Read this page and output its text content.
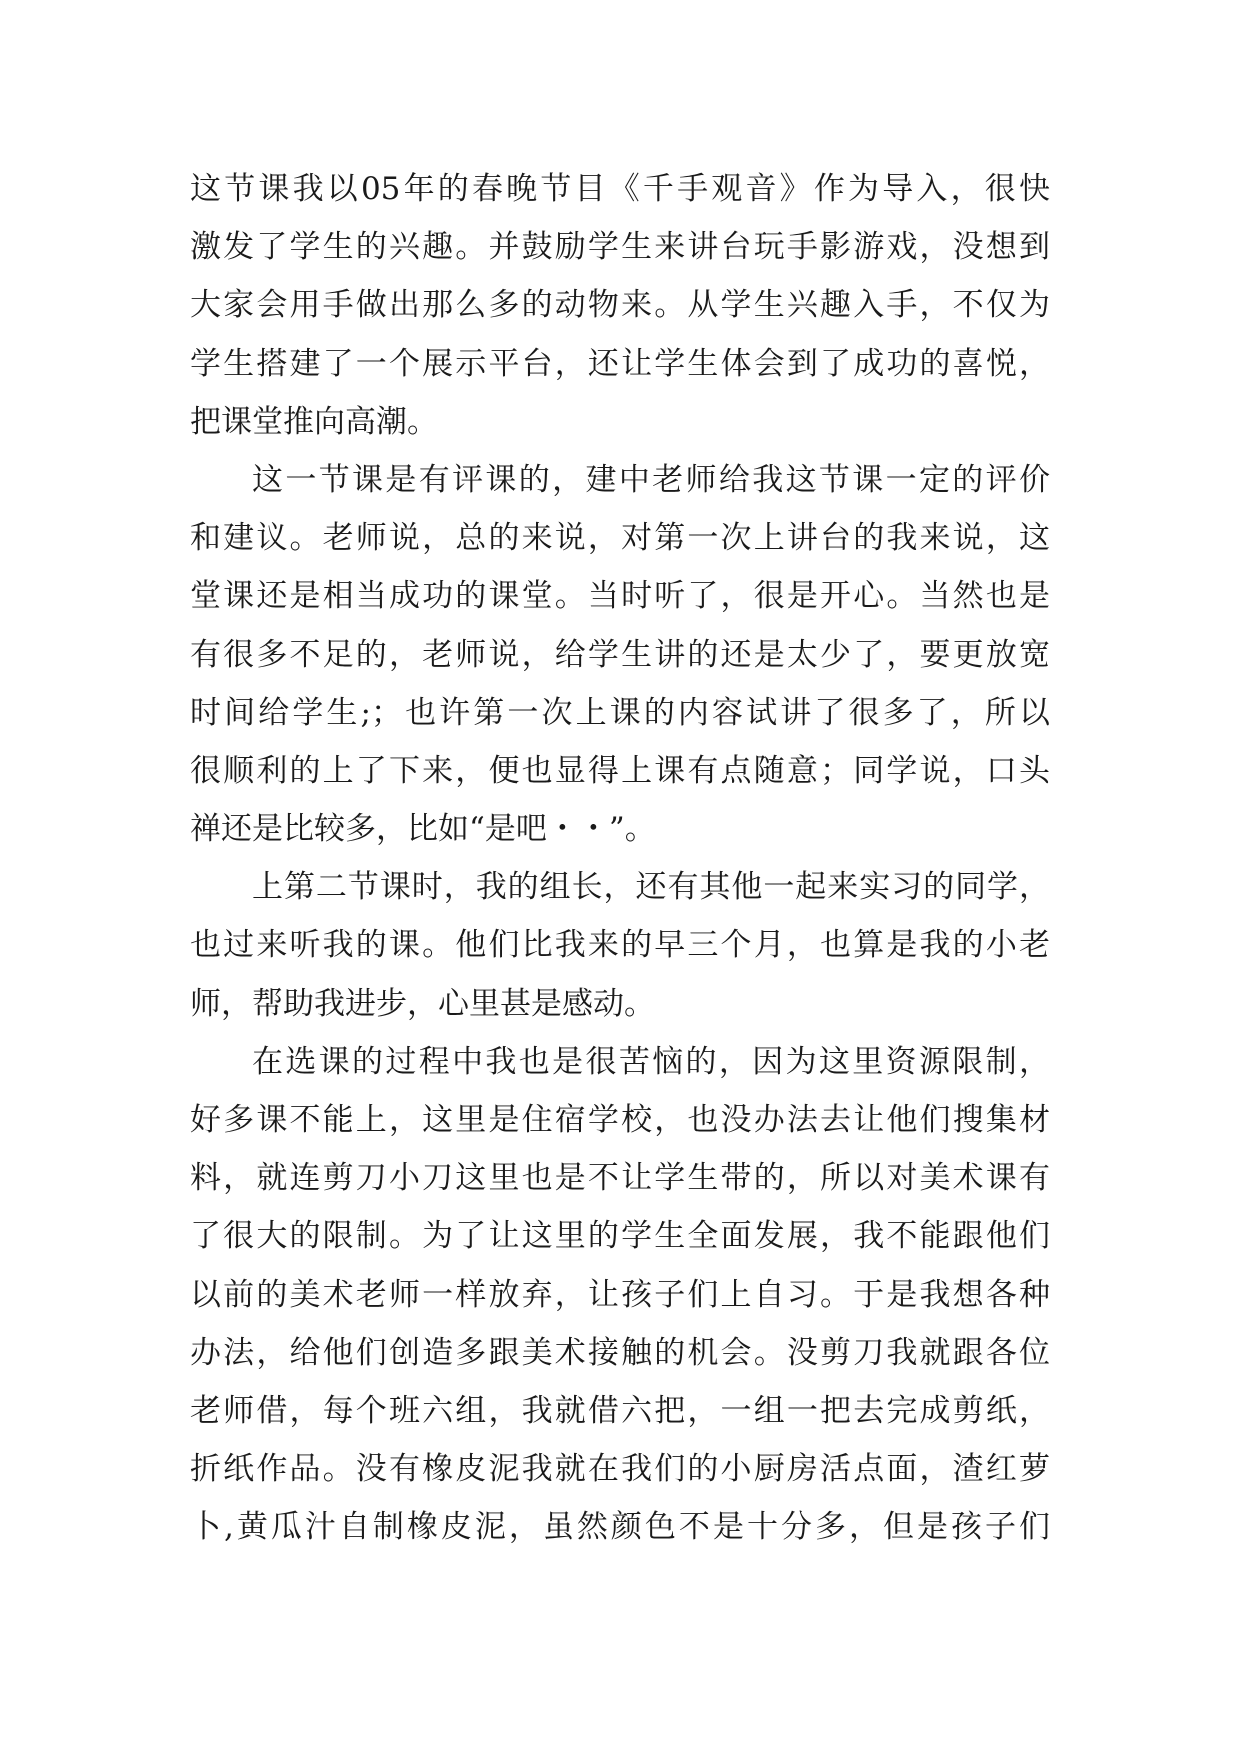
这节课我以05年的春晚节目《千手观音》作为导入，很快
激发了学生的兴趣。并鼓励学生来讲台玩手影游戏，没想到
大家会用手做出那么多的动物来。从学生兴趣入手，不仅为
学生搭建了一个展示平台，还让学生体会到了成功的喜悦，
把课堂推向高潮。
这一节课是有评课的，建中老师给我这节课一定的评价
和建议。老师说，总的来说，对第一次上讲台的我来说，这
堂课还是相当成功的课堂。当时听了，很是开心。当然也是
有很多不足的，老师说，给学生讲的还是太少了，要更放宽
时间给学生;；也许第一次上课的内容试讲了很多了，所以
很顺利的上了下来，便也显得上课有点随意；同学说，口头
禅还是比较多，比如“是吧・・”。
上第二节课时，我的组长，还有其他一起来实习的同学，
也过来听我的课。他们比我来的早三个月，也算是我的小老
师，帮助我进步，心里甚是感动。
在选课的过程中我也是很苦恼的，因为这里资源限制，
好多课不能上，这里是住宿学校，也没办法去让他们搜集材
料，就连剪刀小刀这里也是不让学生带的，所以对美术课有
了很大的限制。为了让这里的学生全面发展，我不能跟他们
以前的美术老师一样放弃，让孩子们上自习。于是我想各种
办法，给他们创造多跟美术接触的机会。没剪刀我就跟各位
老师借，每个班六组，我就借六把，一组一把去完成剪纸，
折纸作品。没有橡皮泥我就在我们的小厨房活点面，渣红萝
卜,黄瓜汁自制橡皮泥，虽然颜色不是十分多，但是孩子们
